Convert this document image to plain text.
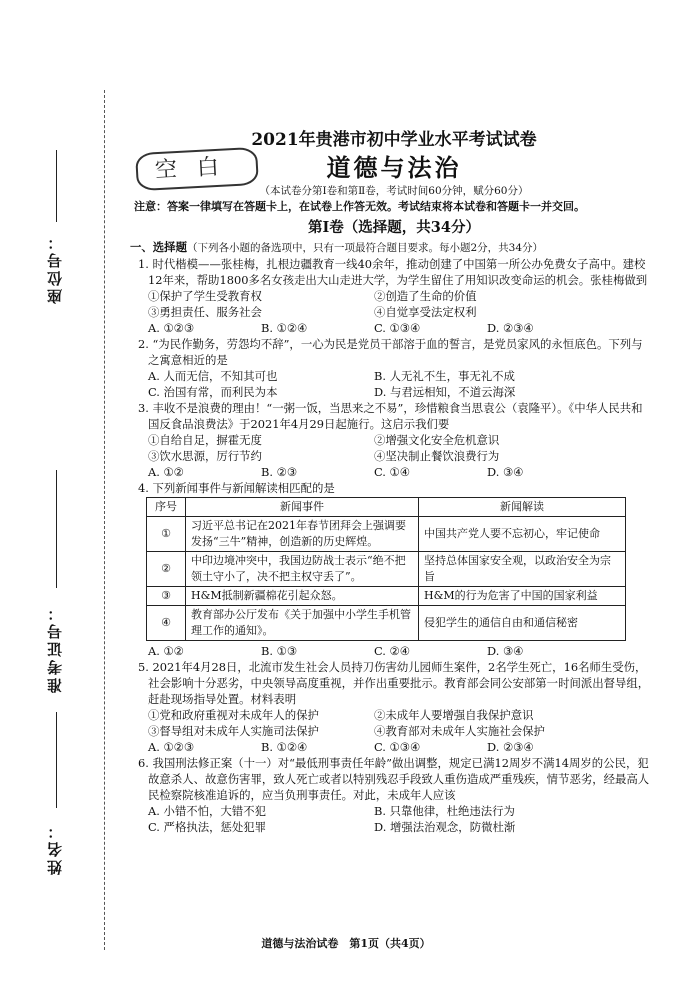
座位号：
准考证号：
姓名：
空白
2021年贵港市初中学业水平考试试卷
道德与法治
（本试卷分第Ⅰ卷和第Ⅱ卷，考试时间60分钟，赋分60分）
注意：答案一律填写在答题卡上，在试卷上作答无效。考试结束将本试卷和答题卡一并交回。
第Ⅰ卷（选择题，共34分）
一、选择题（下列各小题的备选项中，只有一项最符合题目要求。每小题2分，共34分）
1. 时代楷模——张桂梅，扎根边疆教育一线40余年，推动创建了中国第一所公办免费女子高中。建校12年来，帮助1800多名女孩走出大山走进大学，为学生留住了用知识改变命运的机会。张桂梅做到
①保护了学生受教育权	②创造了生命的价值
③勇担责任、服务社会	④自觉享受法定权利
A. ①②③	B. ①②④	C. ①③④	D. ②③④
2. “为民作勤务，劳怨均不辞”，一心为民是党员干部溶于血的誓言，是党员家风的永恒底色。下列与之寓意相近的是
A. 人而无信，不知其可也	B. 人无礼不生，事无礼不成
C. 治国有常，而利民为本	D. 与君远相知，不道云海深
3. 丰收不是浪费的理由！“一粥一饭，当思来之不易”，珍惜粮食当思袁公（袁隆平）。《中华人民共和国反食品浪费法》于2021年4月29日起施行。这启示我们要
①自给自足，摒霍无度	②增强文化安全危机意识
③饮水思源，厉行节约	④坚决制止餐饮浪费行为
A. ①②	B. ②③	C. ①④	D. ③④
4. 下列新闻事件与新闻解读相匹配的是
序号	新闻事件	新闻解读
①	习近平总书记在2021年春节团拜会上强调要发扬“三牛”精神，创造新的历史辉煌。	中国共产党人要不忘初心，牢记使命
②	中印边境冲突中，我国边防战士表示“绝不把领土守小了，决不把主权守丢了”。	坚持总体国家安全观，以政治安全为宗旨
③	H&M抵制新疆棉花引起众怒。	H&M的行为危害了中国的国家利益
④	教育部办公厅发布《关于加强中小学生手机管理工作的通知》。	侵犯学生的通信自由和通信秘密
A. ①②	B. ①③	C. ②④	D. ③④
5. 2021年4月28日，北流市发生社会人员持刀伤害幼儿园师生案件，2名学生死亡，16名师生受伤，社会影响十分恶劣，中央领导高度重视，并作出重要批示。教育部会同公安部第一时间派出督导组，赶赴现场指导处置。材料表明
①党和政府重视对未成年人的保护	②未成年人要增强自我保护意识
③督导组对未成年人实施司法保护	④教育部对未成年人实施社会保护
A. ①②③	B. ①②④	C. ①③④	D. ②③④
6. 我国刑法修正案（十一）对“最低刑事责任年龄”做出调整，规定已满12周岁不满14周岁的公民，犯故意杀人、故意伤害罪，致人死亡或者以特别残忍手段致人重伤造成严重残疾，情节恶劣，经最高人民检察院核准追诉的，应当负刑事责任。对此，未成年人应该
A. 小错不怕，大错不犯	B. 只靠他律，杜绝违法行为
C. 严格执法，惩处犯罪	D. 增强法治观念，防微杜渐
道德与法治试卷　第1页（共4页）
